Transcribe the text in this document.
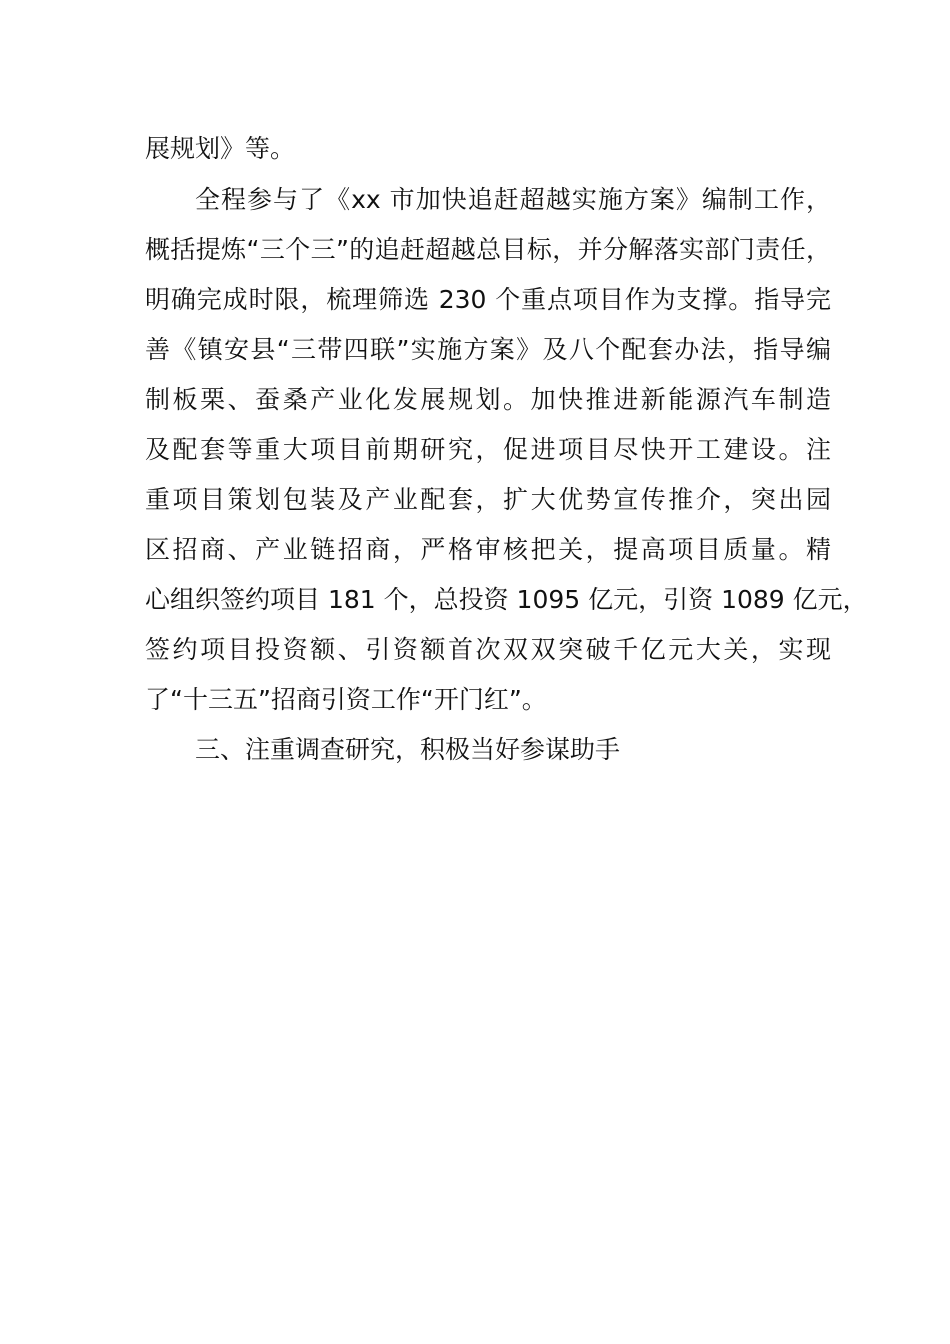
展规划》等。

全程参与了《xx 市加快追赶超越实施方案》编制工作，

概括提炼“三个三”的追赶超越总目标，并分解落实部门责任，

明确完成时限，梳理筛选 230 个重点项目作为支撑。指导完

善《镇安县“三带四联”实施方案》及八个配套办法，指导编

制板栗、蚕桑产业化发展规划。加快推进新能源汽车制造

及配套等重大项目前期研究，促进项目尽快开工建设。注

重项目策划包装及产业配套，扩大优势宣传推介，突出园

区招商、产业链招商，严格审核把关，提高项目质量。精

心组织签约项目 181 个，总投资 1095 亿元，引资 1089 亿元，

签约项目投资额、引资额首次双双突破千亿元大关，实现

了“十三五”招商引资工作“开门红”。

三、注重调查研究，积极当好参谋助手
